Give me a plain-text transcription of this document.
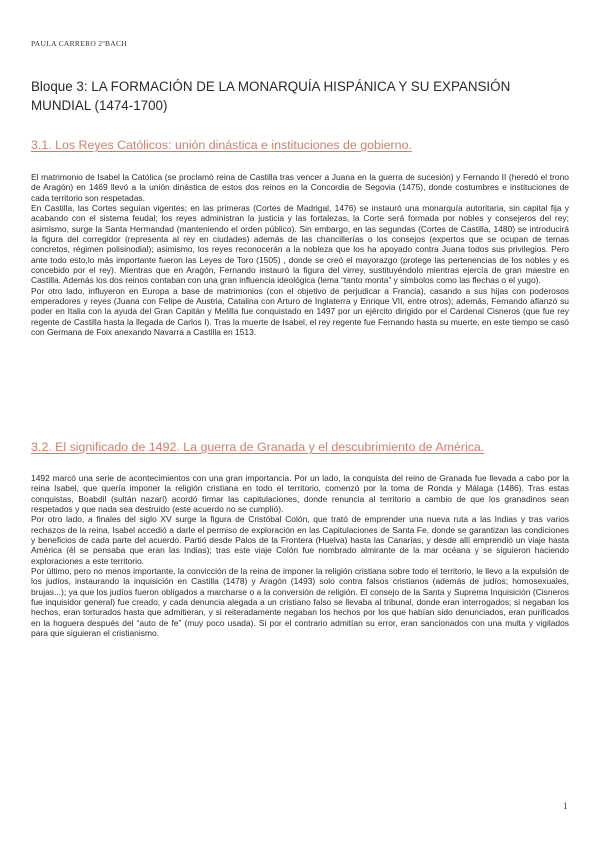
PAULA CARRERO 2ºBACH
Bloque 3: LA FORMACIÓN DE LA MONARQUÍA HISPÁNICA Y SU EXPANSIÓN MUNDIAL (1474-1700)
3.1. Los Reyes Católicos: unión dinástica e instituciones de gobierno.

El matrimonio de Isabel la Católica (se proclamó reina de Castilla tras vencer a Juana en la guerra de sucesión) y Fernando II (heredó el trono de Aragón) en 1469 llevó a la unión dinástica de estos dos reinos en la Concordia de Segovia (1475), donde costumbres e instituciones de cada territorio son respetadas.

En Castilla, las Cortes seguían vigentes; en las primeras (Cortes de Madrigal, 1476) se instauró una monarquía autoritaria, sin capital fija y acabando con el sistema feudal; los reyes administran la justicia y las fortalezas, la Corte será formada por nobles y consejeros del rey; asimismo, surge la Santa Hermandad (manteniendo el orden público). Sin embargo, en las segundas (Cortes de Castilla, 1480) se introducirá la figura del corregidor (representa al rey en ciudades) además de las chancillerías o los consejos (expertos que se ocupan de temas concretos, régimen polisinodial); asimismo, los reyes reconocerán a la nobleza que los ha apoyado contra Juana todos sus privilegios. Pero ante todo esto,lo más importante fueron las Leyes de Toro (1505) , donde se creó el mayorazgo (protege las pertenencias de los nobles y es concebido por el rey). Mientras que en Aragón, Fernando instauró la figura del virrey, sustituyéndolo mientras ejercía de gran maestre en Castilla. Además los dos reinos contaban con una gran influencia ideológica (lema “tanto monta” y símbolos como las flechas o el yugo).

Por otro lado, influyeron en Europa a base de matrimonios (con el objetivo de perjudicar a Francia), casando a sus hijas con poderosos emperadores y reyes (Juana con Felipe de Austria, Catalina con Arturo de Inglaterra y Enrique VII, entre otros); además, Fernando afianzó su poder en Italia con la ayuda del Gran Capitán y Melilla fue conquistado en 1497 por un ejército dirigido por el Cardenal Cisneros (que fue rey regente de Castilla hasta la llegada de Carlos I). Tras la muerte de Isabel, el rey regente fue Fernando hasta su muerte, en este tiempo se casó con Germana de Foix anexando Navarra a Castilla en 1513.

3.2. El significado de 1492. La guerra de Granada y el descubrimiento de América.

1492 marcó una serie de acontecimientos con una gran importancia. Por un lado, la conquista del reino de Granada fue llevada a cabo por la reina Isabel, que quería imponer la religión cristiana en todo el territorio, comenzó por la toma de Ronda y Málaga (1486). Tras estas conquistas, Boabdil (sultán nazarí) acordó firmar las capitulaciones, donde renuncia al territorio a cambio de que los granadinos sean respetados y que nada sea destruido (este acuerdo no se cumplió).

Por otro lado, a finales del siglo XV surge la figura de Cristóbal Colón, que trató de emprender una nueva ruta a las Indias y tras varios rechazos de la reina, Isabel accedió a darle el permiso de exploración en las Capitulaciones de Santa Fe, donde se garantizan las condiciones y beneficios de cada parte del acuerdo. Partió desde Palos de la Frontera (Huelva) hasta las Canarias, y desde allí emprendió un viaje hasta América (él se pensaba que eran las Indias); tras este viaje Colón fue nombrado almirante de la mar océana y se siguieron haciendo exploraciones a este territorio.

Por último, pero no menos importante, la convicción de la reina de imponer la religión cristiana sobre todo el territorio, le llevo a la expulsión de los judíos, instaurando la inquisición en Castilla (1478) y Aragón (1493) solo contra falsos cristianos (además de judíos; homosexuales, brujas...); ya que los judíos fueron obligados a marcharse o a la conversión de religión. El consejo de la Santa y Suprema Inquisición (Cisneros fue inquisidor general) fue creado, y cada denuncia alegada a un cristiano falso se llevaba al tribunal, donde eran interrogados; si negaban los hechos, eran torturados hasta que admitieran, y si reiteradamente negaban los hechos por los que habían sido denunciados, eran purificados en la hoguera después del “auto de fe” (muy poco usada). Si por el contrario admitían su error, eran sancionados con una multa y vigilados para que siguieran el cristianismo.

1
